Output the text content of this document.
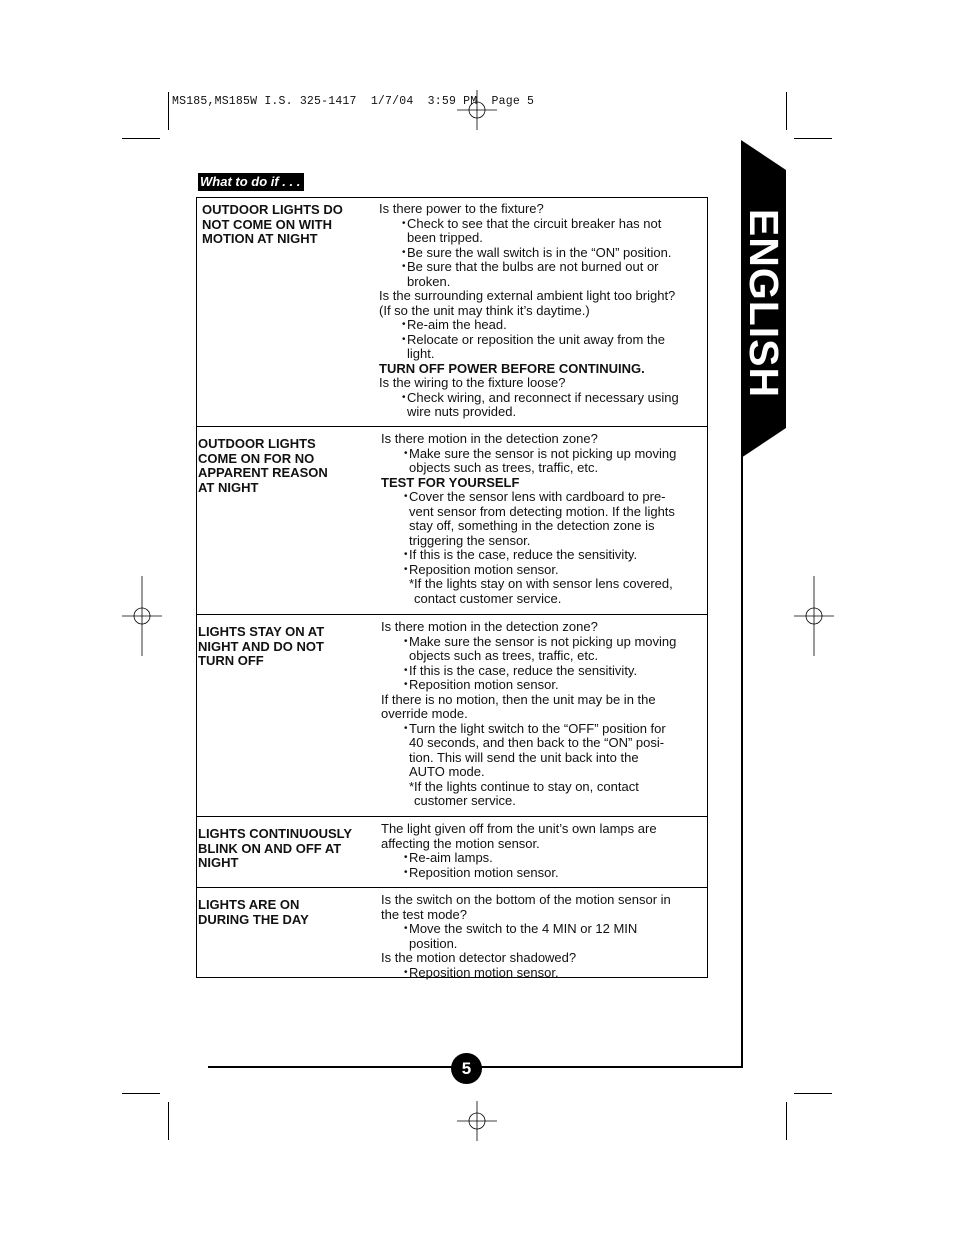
MS185,MS185W I.S. 325-1417  1/7/04  3:59 PM  Page 5
ENGLISH
What to do if . . .
OUTDOOR LIGHTS DO
NOT COME ON WITH
MOTION AT NIGHT
Is there power to the fixture?
• Check to see that the circuit breaker has not
been tripped.
• Be sure the wall switch is in the “ON” position.
• Be sure that the bulbs are not burned out or
broken.
Is the surrounding external ambient light too bright?
(If so the unit may think it’s daytime.)
• Re-aim the head.
• Relocate or reposition the unit away from the
light.
TURN OFF POWER BEFORE CONTINUING.
Is the wiring to the fixture loose?
• Check wiring, and reconnect if necessary using
wire nuts provided.
OUTDOOR LIGHTS
COME ON FOR NO
APPARENT REASON
AT NIGHT
Is there motion in the detection zone?
• Make sure the sensor is not picking up moving
objects such as trees, traffic, etc.
TEST FOR YOURSELF
• Cover the sensor lens with cardboard to pre-
vent sensor from detecting motion. If the lights
stay off, something in the detection zone is
triggering the sensor.
• If this is the case, reduce the sensitivity.
• Reposition motion sensor.
*If the lights stay on with sensor lens covered,
contact customer service.
LIGHTS STAY ON AT
NIGHT AND DO NOT
TURN OFF
Is there motion in the detection zone?
• Make sure the sensor is not picking up moving
objects such as trees, traffic, etc.
• If this is the case, reduce the sensitivity.
• Reposition motion sensor.
If there is no motion, then the unit may be in the
override mode.
• Turn the light switch to the “OFF” position for
40 seconds, and then back to the “ON” posi-
tion. This will send the unit back into the
AUTO mode.
*If the lights continue to stay on, contact
customer service.
LIGHTS CONTINUOUSLY
BLINK ON AND OFF AT
NIGHT
The light given off from the unit’s own lamps are
affecting the motion sensor.
• Re-aim lamps.
• Reposition motion sensor.
LIGHTS ARE ON
DURING THE DAY
Is the switch on the bottom of the motion sensor in
the test mode?
• Move the switch to the 4 MIN or 12 MIN
position.
Is the motion detector shadowed?
• Reposition motion sensor.
5
